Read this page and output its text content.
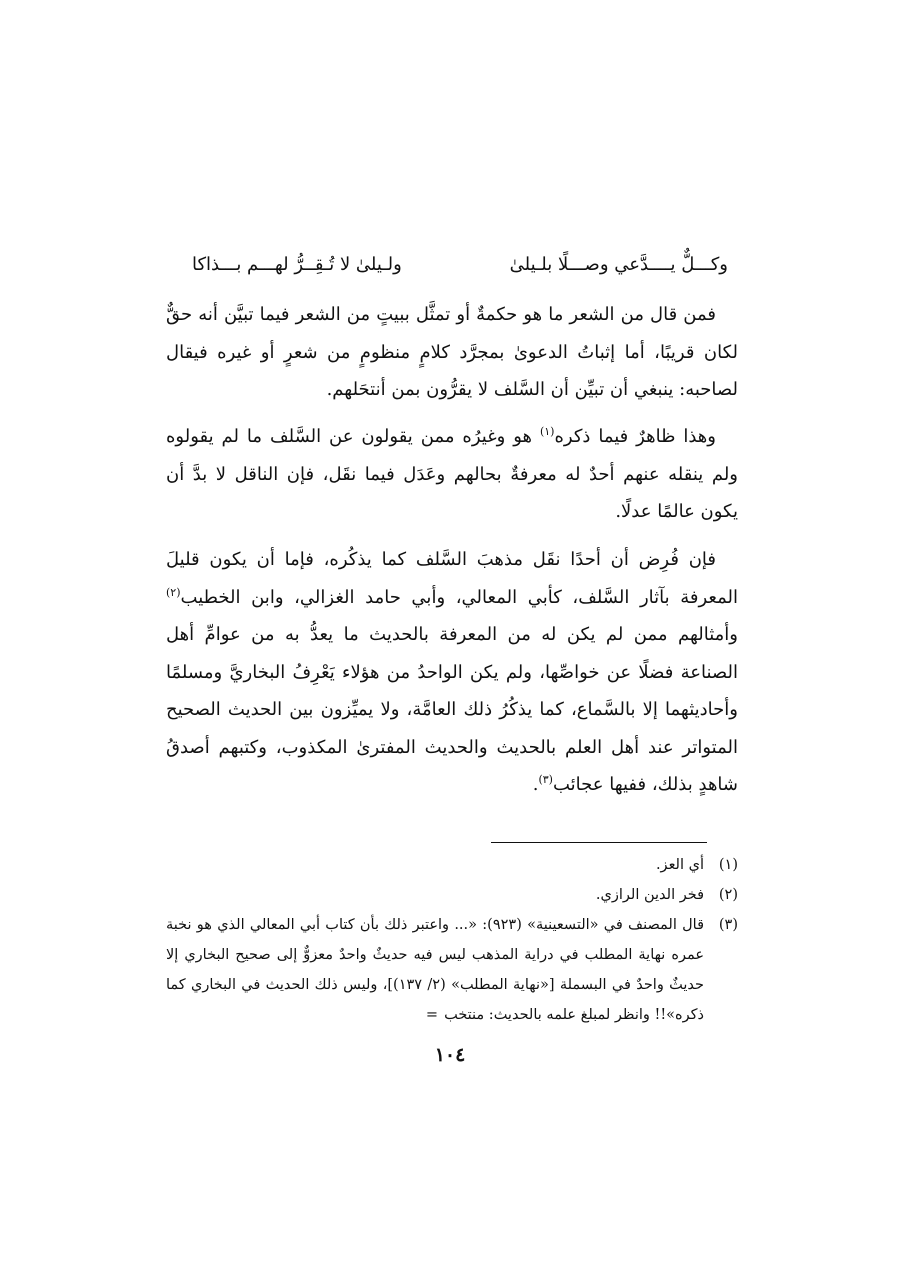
وكـــلٌّ يــــدَّعي وصـــلًا بلـيلىٰ
ولـيلىٰ لا تُـقِــرُّ لهـــم بـــذاكا

فمن قال من الشعر ما هو حكمةٌ أو تمثَّل ببيتٍ من الشعر فيما تبيَّن أنه حقٌّ لكان قريبًا، أما إثباتُ الدعوىٰ بمجرَّد كلامٍ منظومٍ من شعرٍ أو غيره فيقال لصاحبه: ينبغي أن تبيِّن أن السَّلف لا يقرُّون بمن أنتحَلهم.

وهذا ظاهرٌ فيما ذكره$^{(١)}$ هو وغيرُه ممن يقولون عن السَّلف ما لم يقولوه ولم ينقله عنهم أحدٌ له معرفةٌ بحالهم وعَدَل فيما نقَل، فإن الناقل لا بدَّ أن يكون عالمًا عدلًا.

فإن فُرِض أن أحدًا نقَل مذهبَ السَّلف كما يذكُره، فإما أن يكون قليلَ المعرفة بآثار السَّلف، كأبي المعالي، وأبي حامد الغزالي، وابن الخطيب$^{(٢)}$ وأمثالهم ممن لم يكن له من المعرفة بالحديث ما يعدُّ به من عوامِّ أهل الصناعة فضلًا عن خواصِّها، ولم يكن الواحدُ من هؤلاء يَعْرِفُ البخاريَّ ومسلمًا وأحاديثهما إلا بالسَّماع، كما يذكُرُ ذلك العامَّة، ولا يميِّزون بين الحديث الصحيح المتواتر عند أهل العلم بالحديث والحديث المفترىٰ المكذوب، وكتبهم أصدقُ شاهدٍ بذلك، ففيها عجائب$^{(٣)}$.

(١)
أي العز.
(٢)
فخر الدين الرازي.
(٣)
قال المصنف في «التسعينية» (٩٢٣): «... واعتبر ذلك بأن كتاب أبي المعالي الذي هو نخبة عمره نهاية المطلب في دراية المذهب ليس فيه حديثٌ واحدٌ معزوٌّ إلى صحيح البخاري إلا حديثٌ واحدٌ في البسملة [«نهاية المطلب» (٢/ ١٣٧)]، وليس ذلك الحديث في البخاري كما ذكره»!! وانظر لمبلغ علمه بالحديث: منتخب=
١٠٤
